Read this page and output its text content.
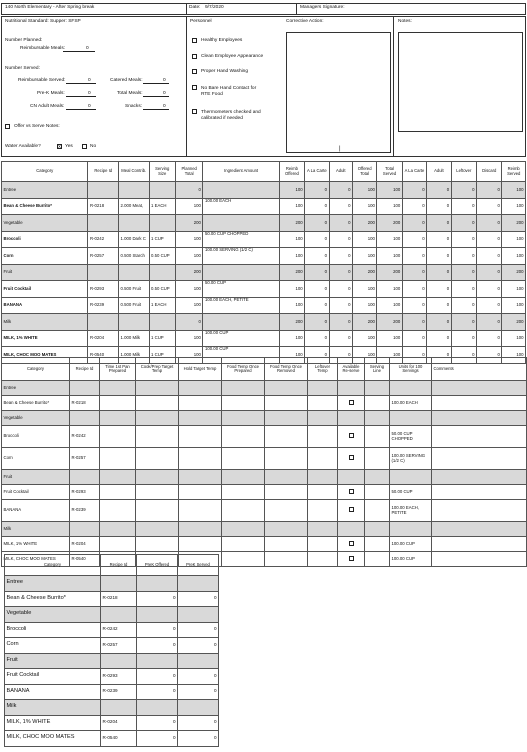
140 North Elementary - After Spring break	Date: 9/7/2020	Managers Signature:
Nutritional Standard: Supper: SFSP
Number Planned:
Reimbursable Meals:	0
Number Served:
Reimbursable Served:	0
Pre-K Meals:	0
CN Adult Meals:	0
Catered Meals:	0
Total Meals:	0
Snacks:	0
Offer vs Serve Notes:
Water Available?	X Yes	No
Personnel
Healthy Employees
Clean Employee Appearance
Proper Hand Washing
No Bare Hand Contact for RTE Food
Thermometers checked and calibrated if needed
Corrective Action:
|
Notes:
Category	Recipe Id	Meal Contrib.	Serving Size	Planned Total	Ingredient Amount	Reimb Offered	A La Carte	Adult	Offered Total	Total Served	A La Carte	Adult	Leftover	Discard	Reimb Served
Entree				0		100	0	0	100	100	0	0	0	0	100
Bean & Cheese Burrito*	R-0218	2.000 Meat,	1 EACH	100	100.00 EACH	100	0	0	100	100	0	0	0	0	100
Vegetable				200		200	0	0	200	200	0	0	0	0	200
Broccoli	R-0242	1.000 Dark C	1 CUP	100	50.00 CUP CHOPPED	100	0	0	100	100	0	0	0	0	100
Corn	R-0257	0.500 Starch	0.50 CUP	100	100.00 SERVING (1/2 C)	100	0	0	100	100	0	0	0	0	100
Fruit				200		200	0	0	200	200	0	0	0	0	200
Fruit Cocktail	R-0293	0.500 Fruit	0.50 CUP	100	50.00 CUP	100	0	0	100	100	0	0	0	0	100
BANANA	R-0239	0.500 Fruit	1 EACH	100	100.00 EACH, PETITE	100	0	0	100	100	0	0	0	0	100
Milk				0		200	0	0	200	200	0	0	0	0	200
MILK, 1% WHITE	R-0204	1.000 Milk	1 CUP	100	100.00 CUP	100	0	0	100	100	0	0	0	0	100
MILK, CHOC MOO MATES	R-0540	1.000 Milk	1 CUP	100	100.00 CUP	100	0	0	100	100	0	0	0	0	100
Category	Recipe Id	Time 1st Pan Prepared	Cook/Prep Target Temp	Hold Target Temp	Food Temp Once Prepared	Food Temp Once Removed	Leftover Temp	Available Re-serve	Serving Line	Units for 100 Servings	Comments
Entree											
Bean & Cheese Burrito*	R-0218									100.00 EACH	
Vegetable											
Broccoli	R-0242									50.00 CUP CHOPPED	
Corn	R-0257									100.00 SERVING (1/2 C)	
Fruit											
Fruit Cocktail	R-0293									50.00 CUP	
BANANA	R-0239									100.00 EACH, PETITE	
Milk											
MILK, 1% WHITE	R-0204									100.00 CUP	
MILK, CHOC MOO MATES	R-0540									100.00 CUP	
Category	Recipe Id	PreK Offered	PreK Served
Entree			
Bean & Cheese Burrito*	R-0218	0	0
Vegetable			
Broccoli	R-0242	0	0
Corn	R-0257	0	0
Fruit			
Fruit Cocktail	R-0293	0	0
BANANA	R-0239	0	0
Milk			
MILK, 1% WHITE	R-0204	0	0
MILK, CHOC MOO MATES	R-0540	0	0
